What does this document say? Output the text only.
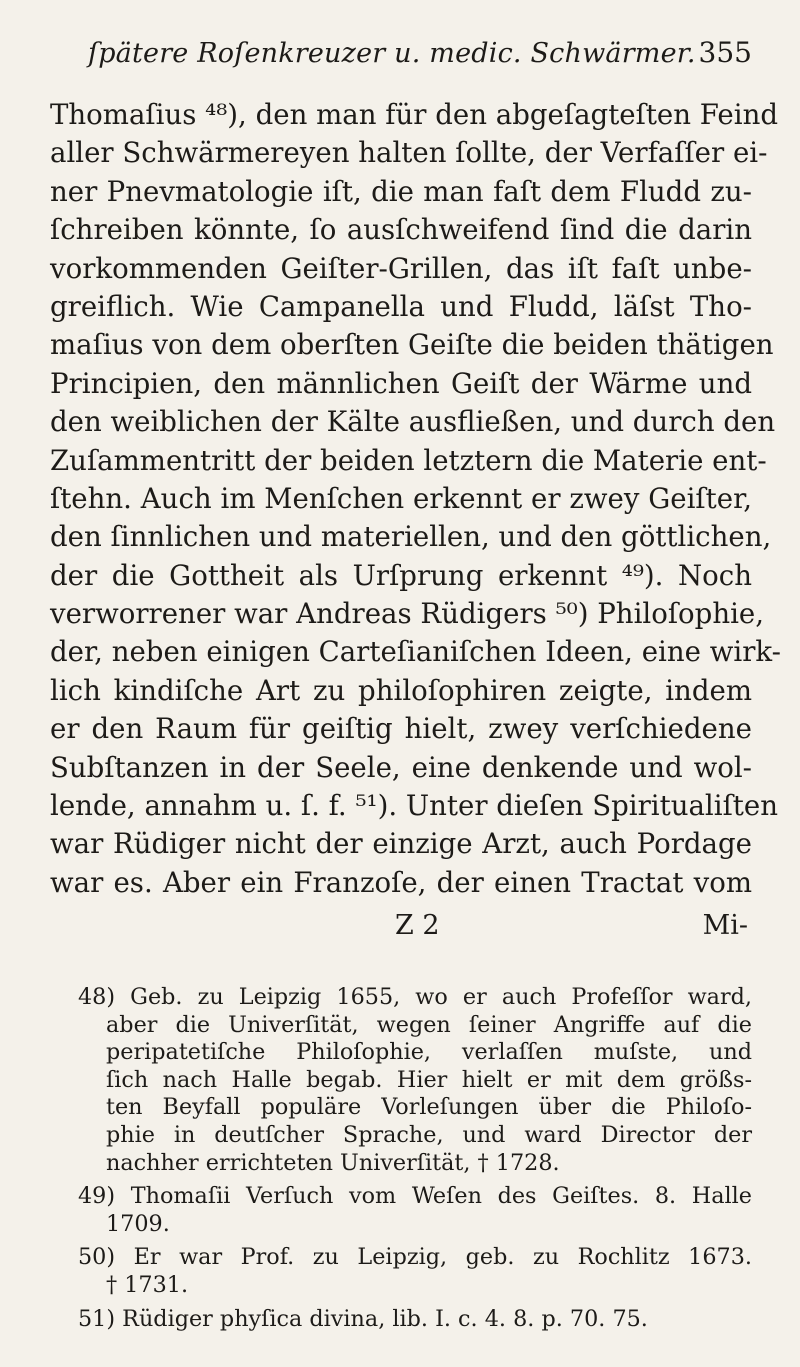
ſpätere Roſenkreuzer u. medic. Schwärmer. 355
Thomaſius ⁴⁸), den man für den abgeſagteſten Feind
aller Schwärmereyen halten ſollte, der Verfaſſer ei-
ner Pnevmatologie iſt, die man faſt dem Fludd zu-
ſchreiben könnte, ſo ausſchweifend ſind die darin
vorkommenden Geiſter-Grillen, das iſt faſt unbe-
greiflich. Wie Campanella und Fludd, läſst Tho-
maſius von dem oberſten Geiſte die beiden thätigen
Principien, den männlichen Geiſt der Wärme und
den weiblichen der Kälte ausfließen, und durch den
Zuſammentritt der beiden letztern die Materie ent-
ſtehn. Auch im Menſchen erkennt er zwey Geiſter,
den ſinnlichen und materiellen, und den göttlichen,
der die Gottheit als Urſprung erkennt ⁴⁹). Noch
verworrener war Andreas Rüdigers ⁵⁰) Philoſophie,
der, neben einigen Carteſianiſchen Ideen, eine wirk-
lich kindiſche Art zu philoſophiren zeigte, indem
er den Raum für geiſtig hielt, zwey verſchiedene
Subſtanzen in der Seele, eine denkende und wol-
lende, annahm u. ſ. f. ⁵¹). Unter dieſen Spiritualiſten
war Rüdiger nicht der einzige Arzt, auch Pordage
war es. Aber ein Franzoſe, der einen Tractat vom
Z 2	Mi-
48) Geb. zu Leipzig 1655, wo er auch Profeſſor ward,
aber die Univerſität, wegen ſeiner Angriffe auf die
peripatetiſche Philoſophie, verlaſſen muſste, und
ſich nach Halle begab. Hier hielt er mit dem größs-
ten Beyfall populäre Vorleſungen über die Philoſo-
phie in deutſcher Sprache, und ward Director der
nachher errichteten Univerſität, † 1728.
49) Thomaſii Verſuch vom Weſen des Geiſtes. 8. Halle
1709.
50) Er war Prof. zu Leipzig, geb. zu Rochlitz 1673.
† 1731.
51) Rüdiger phyſica divina, lib. I. c. 4. 8. p. 70. 75.
